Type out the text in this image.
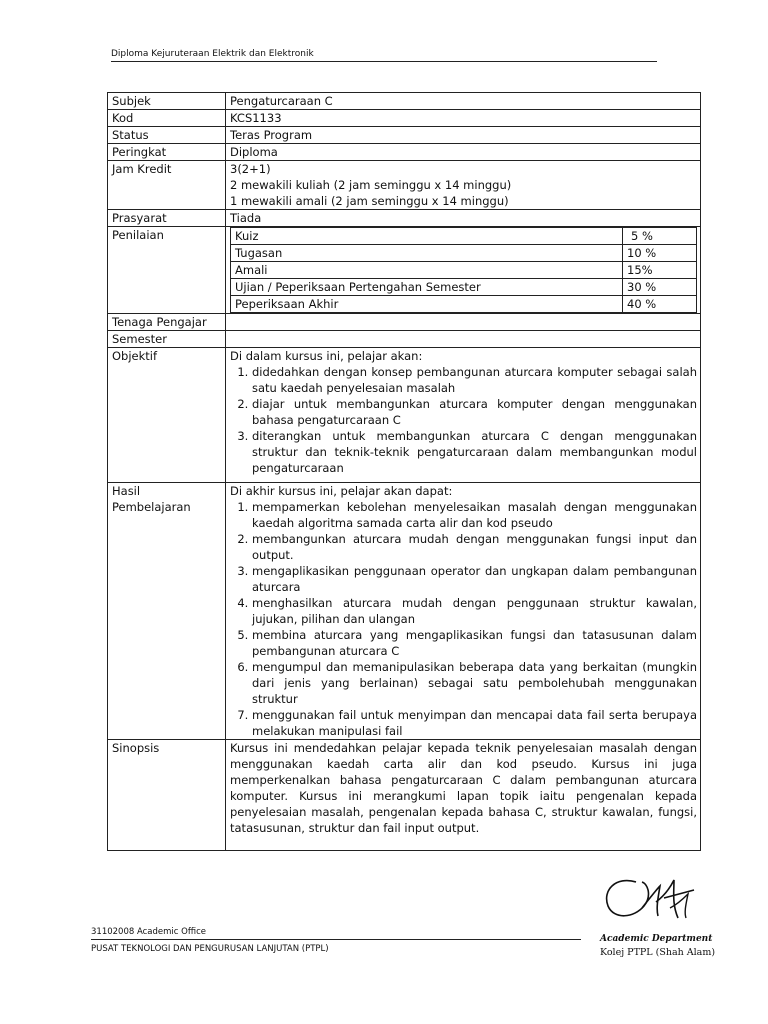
Diploma Kejuruteraan Elektrik dan Elektronik
Subjek	Pengaturcaraan C
Kod	KCS1133
Status	Teras Program
Peringkat	Diploma
Jam Kredit	3(2+1)
2 mewakili kuliah (2 jam seminggu x 14 minggu)
1 mewakili amali (2 jam seminggu x 14 minggu)

Prasyarat	Tiada
Penilaian		Kuiz	5 %
Tugasan	10 %
Amali	15%
Ujian / Peperiksaan Pertengahan Semester	30 %
Peperiksaan Akhir	40 %

Tenaga Pengajar	
Semester	
Objektif	Di dalam kursus ini, pelajar akan:
1. didedahkan dengan konsep pembangunan aturcara komputer sebagai salah satu kaedah penyelesaian masalah
2. diajar untuk membangunkan aturcara komputer dengan menggunakan bahasa pengaturcaraan C
3. diterangkan untuk membangunkan aturcara C dengan menggunakan struktur dan teknik-teknik pengaturcaraan dalam membangunkan modul pengaturcaraan

Hasil
Pembelajaran

Di akhir kursus ini, pelajar akan dapat:
1. mempamerkan kebolehan menyelesaikan masalah dengan menggunakan kaedah algoritma samada carta alir dan kod pseudo
2. membangunkan aturcara mudah dengan menggunakan fungsi input dan output.
3. mengaplikasikan penggunaan operator dan ungkapan dalam pembangunan aturcara
4. menghasilkan aturcara mudah dengan penggunaan struktur kawalan, jujukan, pilihan dan ulangan
5. membina aturcara yang mengaplikasikan fungsi dan tatasusunan dalam pembangunan aturcara C
6. mengumpul dan memanipulasikan beberapa data yang berkaitan (mungkin dari jenis yang berlainan) sebagai satu pembolehubah menggunakan struktur
7. menggunakan fail untuk menyimpan dan mencapai data fail serta berupaya melakukan manipulasi fail

Sinopsis	Kursus ini mendedahkan pelajar kepada teknik penyelesaian masalah dengan menggunakan kaedah carta alir dan kod pseudo. Kursus ini juga memperkenalkan bahasa pengaturcaraan C dalam pembangunan aturcara komputer. Kursus ini merangkumi lapan topik iaitu pengenalan kepada penyelesaian masalah, pengenalan kepada bahasa C, struktur kawalan, fungsi, tatasusunan, struktur dan fail input output.
31102008 Academic Office
PUSAT TEKNOLOGI DAN PENGURUSAN LANJUTAN (PTPL)
Academic Department
Kolej PTPL (Shah Alam)
